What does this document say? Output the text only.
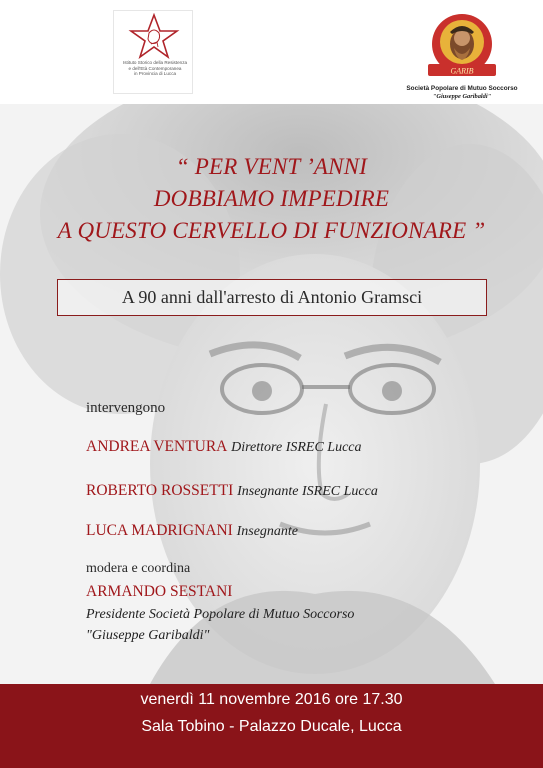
Istituto Storico della Resistenza
e dell'Età Contemporanea
in Provincia di Lucca	GARIB
Società Popolare di Mutuo Soccorso
"Giuseppe Garibaldi"
“ PER VENT ’ANNI
DOBBIAMO IMPEDIRE
A QUESTO CERVELLO DI FUNZIONARE ”
A 90 anni dall'arresto di Antonio Gramsci
intervengono
ANDREA VENTURA Direttore ISREC Lucca
ROBERTO ROSSETTI Insegnante ISREC Lucca
LUCA MADRIGNANI Insegnante
modera e coordina
ARMANDO SESTANI
Presidente Società Popolare di Mutuo Soccorso
"Giuseppe Garibaldi"
venerdì 11 novembre 2016 ore 17.30
Sala Tobino - Palazzo Ducale, Lucca
